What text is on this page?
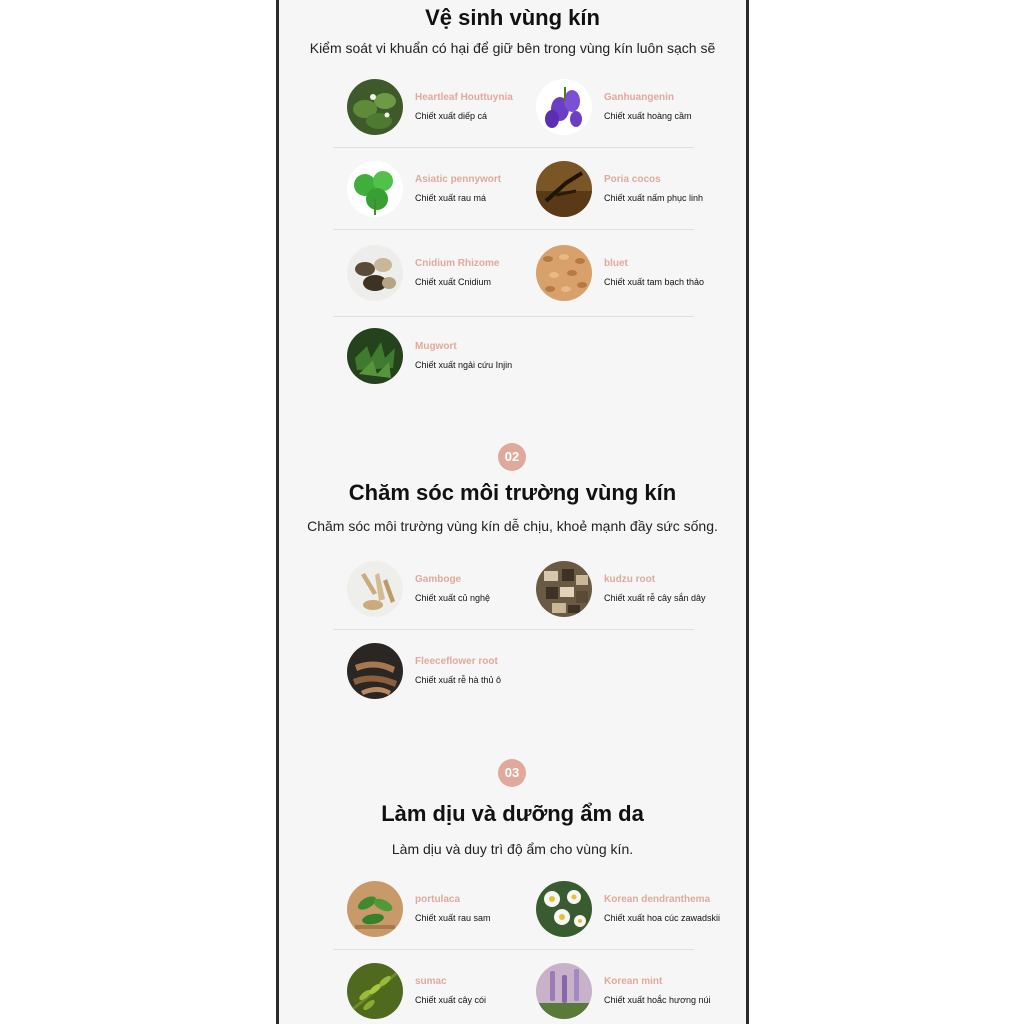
Vệ sinh vùng kín
Kiểm soát vi khuẩn có hại để giữ bên trong vùng kín luôn sạch sẽ
Heartleaf Houttuynia
Chiết xuất diếp cá
Ganhuangenin
Chiết xuất hoàng cầm
Asiatic pennywort
Chiết xuất rau má
Poria cocos
Chiết xuất nấm phục linh
Cnidium Rhizome
Chiết xuất Cnidium
bluet
Chiết xuất tam bạch thảo
Mugwort
Chiết xuất ngải cứu Injin
02
Chăm sóc môi trường vùng kín
Chăm sóc môi trường vùng kín dễ chịu, khoẻ mạnh đầy sức sống.
Gamboge
Chiết xuất củ nghệ
kudzu root
Chiết xuất rễ cây sắn dây
Fleeceflower root
Chiết xuất rễ hà thủ ô
03
Làm dịu và dưỡng ẩm da
Làm dịu và duy trì độ ẩm cho vùng kín.
portulaca
Chiết xuất rau sam
Korean dendranthema
Chiết xuất hoa cúc zawadskii
sumac
Chiết xuất cây cói
Korean mint
Chiết xuất hoắc hương núi
